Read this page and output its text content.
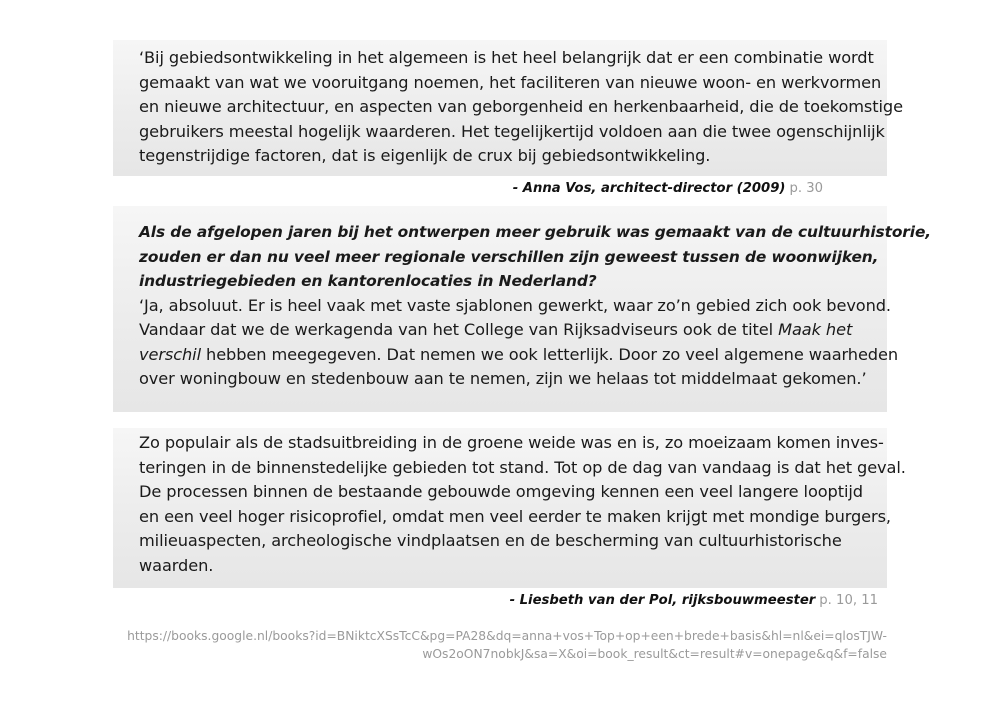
‘Bij gebiedsontwikkeling in het algemeen is het heel belangrijk dat er een combinatie wordt
gemaakt van wat we vooruitgang noemen, het faciliteren van nieuwe woon- en werkvormen
en nieuwe architectuur, en aspecten van geborgenheid en herkenbaarheid, die de toekomstige
gebruikers meestal hogelijk waarderen. Het tegelijkertijd voldoen aan die twee ogenschijnlijk
tegenstrijdige factoren, dat is eigenlijk de crux bij gebiedsontwikkeling.
- Anna Vos, architect-director (2009) p. 30
Als de afgelopen jaren bij het ontwerpen meer gebruik was gemaakt van de cultuurhistorie,
zouden er dan nu veel meer regionale verschillen zijn geweest tussen de woonwijken,
industriegebieden en kantorenlocaties in Nederland?
‘Ja, absoluut. Er is heel vaak met vaste sjablonen gewerkt, waar zo’n gebied zich ook bevond.
Vandaar dat we de werkagenda van het College van Rijksadviseurs ook de titel Maak het
verschil hebben meegegeven. Dat nemen we ook letterlijk. Door zo veel algemene waarheden
over woningbouw en stedenbouw aan te nemen, zijn we helaas tot middelmaat gekomen.’
Zo populair als de stadsuitbreiding in de groene weide was en is, zo moeizaam komen inves-
teringen in de binnenstedelijke gebieden tot stand. Tot op de dag van vandaag is dat het geval.
De processen binnen de bestaande gebouwde omgeving kennen een veel langere looptijd
en een veel hoger risicoprofiel, omdat men veel eerder te maken krijgt met mondige burgers,
milieuaspecten, archeologische vindplaatsen en de bescherming van cultuurhistorische
waarden.
- Liesbeth van der Pol, rijksbouwmeester p. 10, 11
https://books.google.nl/books?id=BNiktcXSsTcC&pg=PA28&dq=anna+vos+Top+op+een+brede+basis&hl=nl&ei=qlosTJW-
wOs2oON7nobkJ&sa=X&oi=book_result&ct=result#v=onepage&q&f=false
